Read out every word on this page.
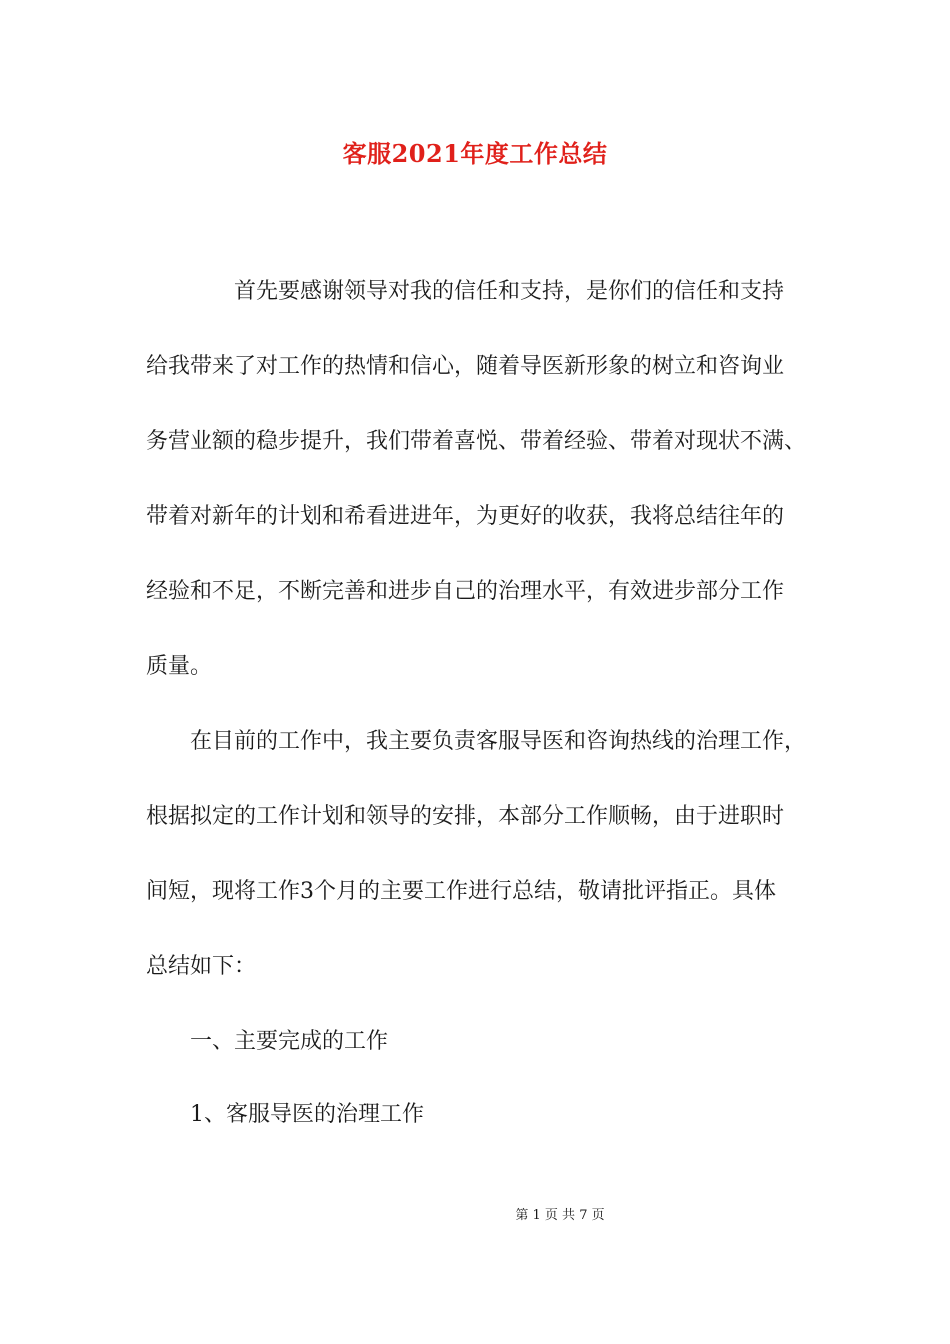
客服2021年度工作总结
首先要感谢领导对我的信任和支持，是你们的信任和支持
给我带来了对工作的热情和信心，随着导医新形象的树立和咨询业
务营业额的稳步提升，我们带着喜悦、带着经验、带着对现状不满、
带着对新年的计划和希看进进年，为更好的收获，我将总结往年的
经验和不足，不断完善和进步自己的治理水平，有效进步部分工作
质量。
在目前的工作中，我主要负责客服导医和咨询热线的治理工作，
根据拟定的工作计划和领导的安排，本部分工作顺畅，由于进职时
间短，现将工作3个月的主要工作进行总结，敬请批评指正。具体
总结如下：
一、主要完成的工作
1、客服导医的治理工作
第 1 页 共 7 页
